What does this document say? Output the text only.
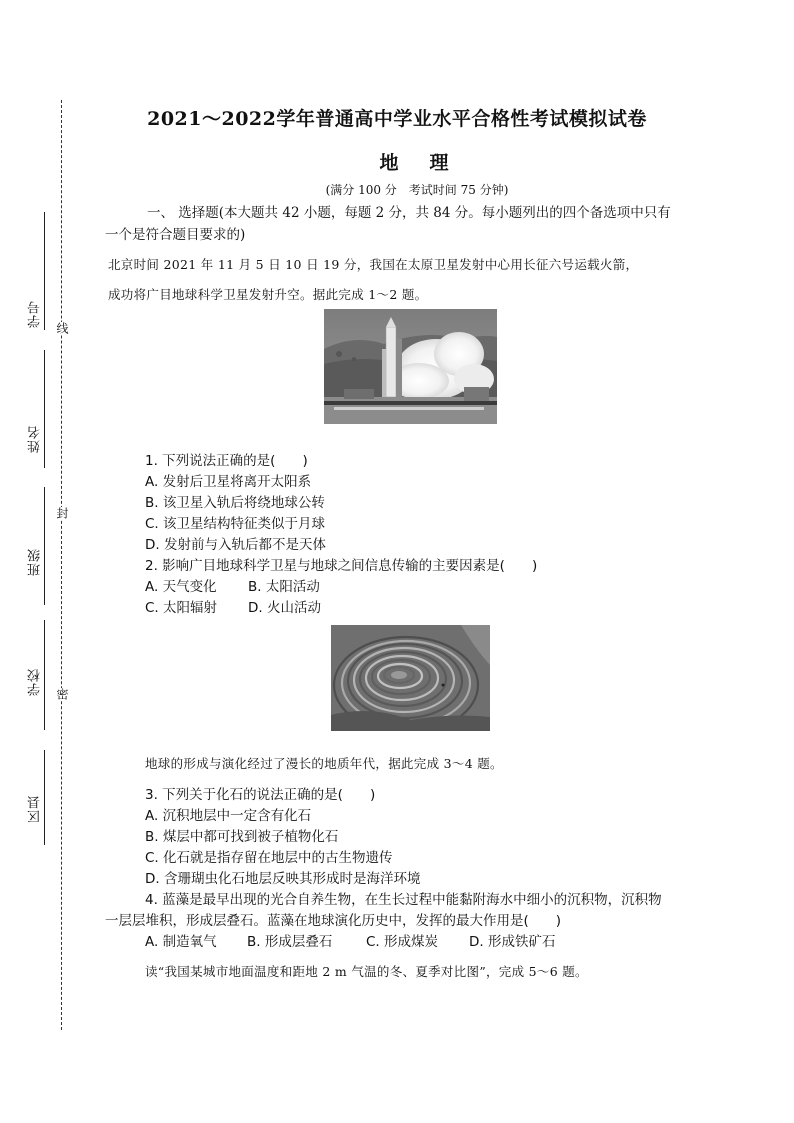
线
封
密
学号
姓名
班级
学校
区县
2021～2022学年普通高中学业水平合格性考试模拟试卷
地　理
(满分 100 分　考试时间 75 分钟)
一、 选择题(本大题共 42 小题，每题 2 分，共 84 分。每小题列出的四个备选项中只有
一个是符合题目要求的)
北京时间 2021 年 11 月 5 日 10 日 19 分，我国在太原卫星发射中心用长征六号运载火箭，
成功将广目地球科学卫星发射升空。据此完成 1～2 题。
1. 下列说法正确的是(　　)
A. 发射后卫星将离开太阳系
B. 该卫星入轨后将绕地球公转
C. 该卫星结构特征类似于月球
D. 发射前与入轨后都不是天体
2. 影响广目地球科学卫星与地球之间信息传输的主要因素是(　　)
A. 天气变化 B. 太阳活动
C. 太阳辐射 D. 火山活动
地球的形成与演化经过了漫长的地质年代，据此完成 3～4 题。
3. 下列关于化石的说法正确的是(　　)
A. 沉积地层中一定含有化石
B. 煤层中都可找到被子植物化石
C. 化石就是指存留在地层中的古生物遗传
D. 含珊瑚虫化石地层反映其形成时是海洋环境
4. 蓝藻是最早出现的光合自养生物，在生长过程中能黏附海水中细小的沉积物，沉积物
一层层堆积，形成层叠石。蓝藻在地球演化历史中，发挥的最大作用是(　　)
A. 制造氧气 B. 形成层叠石 C. 形成煤炭 D. 形成铁矿石
读“我国某城市地面温度和距地 2 m 气温的冬、夏季对比图”，完成 5～6 题。
